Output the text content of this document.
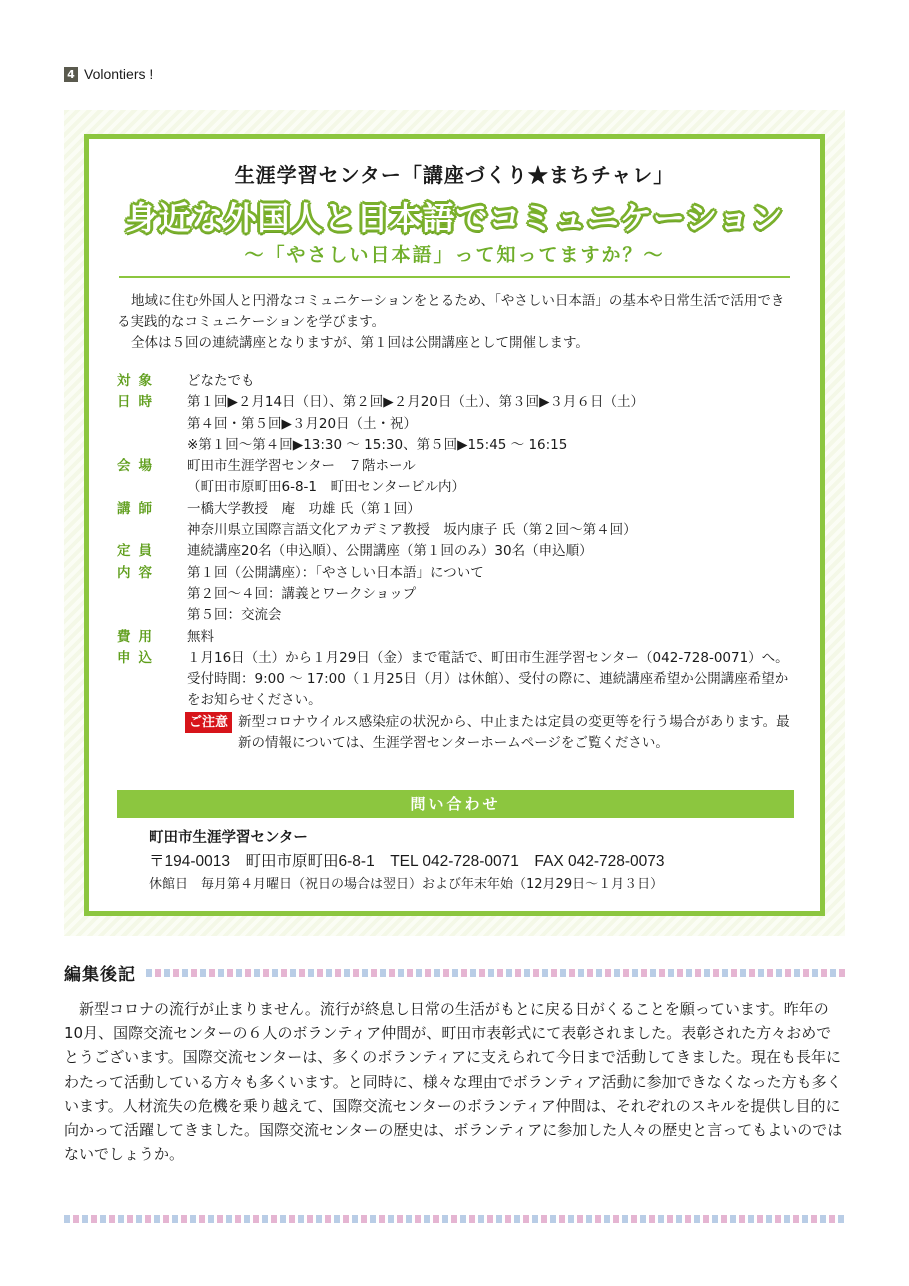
4 Volontiers !
生涯学習センター「講座づくり★まちチャレ」
身近な外国人と日本語でコミュニケーション
～「やさしい日本語」って知ってますか？～

地域に住む外国人と円滑なコミュニケーションをとるため、「やさしい日本語」の基本や日常生活で活用できる実践的なコミュニケーションを学びます。

全体は５回の連続講座となりますが、第１回は公開講座として開催します。

対象	どなたでも
日時	第１回▶２月14日（日）、第２回▶２月20日（土）、第３回▶３月６日（土）
第４回・第５回▶３月20日（土・祝）
※第１回～第４回▶13:30 ～ 15:30、第５回▶15:45 ～ 16:15
会場	町田市生涯学習センター　７階ホール
（町田市原町田6-8-1　町田センタービル内）
講師	一橋大学教授　庵　功雄 氏（第１回）
神奈川県立国際言語文化アカデミア教授　坂内康子 氏（第２回～第４回）
定員	連続講座20名（申込順）、公開講座（第１回のみ）30名（申込順）
内容	第１回（公開講座）：「やさしい日本語」について
第２回～４回：講義とワークショップ
第５回：交流会
費用	無料
申込	１月16日（土）から１月29日（金）まで電話で、町田市生涯学習センター（042-728-0071）へ。受付時間：9:00 ～ 17:00（１月25日（月）は休館）、受付の際に、連続講座希望か公開講座希望かをお知らせください。
ご注意 新型コロナウイルス感染症の状況から、中止または定員の変更等を行う場合があります。最新の情報については、生涯学習センターホームページをご覧ください。
問い合わせ
町田市生涯学習センター
〒194-0013　町田市原町田6-8-1　TEL 042-728-0071　FAX 042-728-0073
休館日　毎月第４月曜日（祝日の場合は翌日）および年末年始（12月29日～１月３日）
編集後記

新型コロナの流行が止まりません。流行が終息し日常の生活がもとに戻る日がくることを願っています。昨年の10月、国際交流センターの６人のボランティア仲間が、町田市表彰式にて表彰されました。表彰された方々おめでとうございます。国際交流センターは、多くのボランティアに支えられて今日まで活動してきました。現在も長年にわたって活動している方々も多くいます。と同時に、様々な理由でボランティア活動に参加できなくなった方も多くいます。人材流失の危機を乗り越えて、国際交流センターのボランティア仲間は、それぞれのスキルを提供し目的に向かって活躍してきました。国際交流センターの歴史は、ボランティアに参加した人々の歴史と言ってもよいのではないでしょうか。
